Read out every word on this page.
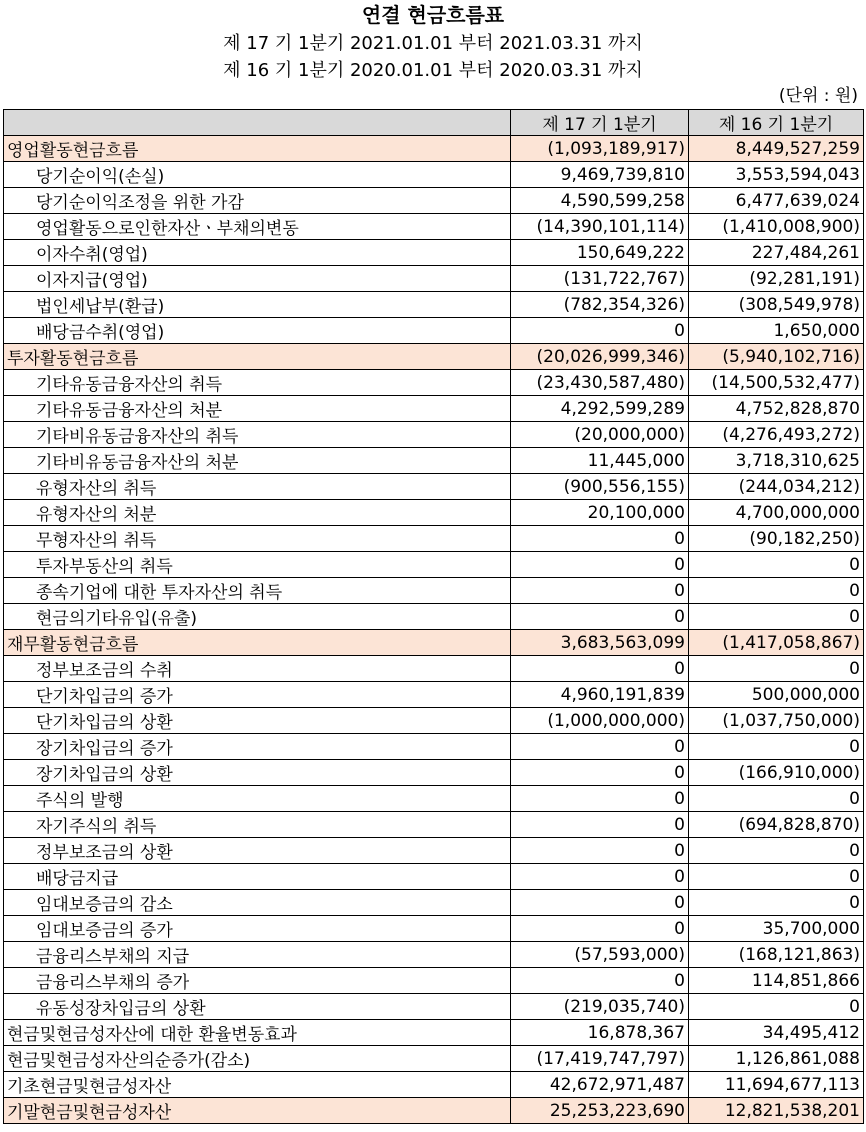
연결 현금흐름표
제 17 기 1분기 2021.01.01 부터 2021.03.31 까지
제 16 기 1분기 2020.01.01 부터 2020.03.31 까지
(단위 : 원)
	제 17 기 1분기	제 16 기 1분기
영업활동현금흐름	(1,093,189,917)	8,449,527,259
당기순이익(손실)	9,469,739,810	3,553,594,043
당기순이익조정을 위한 가감	4,590,599,258	6,477,639,024
영업활동으로인한자산ㆍ부채의변동	(14,390,101,114)	(1,410,008,900)
이자수취(영업)	150,649,222	227,484,261
이자지급(영업)	(131,722,767)	(92,281,191)
법인세납부(환급)	(782,354,326)	(308,549,978)
배당금수취(영업)	0	1,650,000
투자활동현금흐름	(20,026,999,346)	(5,940,102,716)
기타유동금융자산의 취득	(23,430,587,480)	(14,500,532,477)
기타유동금융자산의 처분	4,292,599,289	4,752,828,870
기타비유동금융자산의 취득	(20,000,000)	(4,276,493,272)
기타비유동금융자산의 처분	11,445,000	3,718,310,625
유형자산의 취득	(900,556,155)	(244,034,212)
유형자산의 처분	20,100,000	4,700,000,000
무형자산의 취득	0	(90,182,250)
투자부동산의 취득	0	0
종속기업에 대한 투자자산의 취득	0	0
현금의기타유입(유출)	0	0
재무활동현금흐름	3,683,563,099	(1,417,058,867)
정부보조금의 수취	0	0
단기차입금의 증가	4,960,191,839	500,000,000
단기차입금의 상환	(1,000,000,000)	(1,037,750,000)
장기차입금의 증가	0	0
장기차입금의 상환	0	(166,910,000)
주식의 발행	0	0
자기주식의 취득	0	(694,828,870)
정부보조금의 상환	0	0
배당금지급	0	0
임대보증금의 감소	0	0
임대보증금의 증가	0	35,700,000
금융리스부채의 지급	(57,593,000)	(168,121,863)
금융리스부채의 증가	0	114,851,866
유동성장차입금의 상환	(219,035,740)	0
현금및현금성자산에 대한 환율변동효과	16,878,367	34,495,412
현금및현금성자산의순증가(감소)	(17,419,747,797)	1,126,861,088
기초현금및현금성자산	42,672,971,487	11,694,677,113
기말현금및현금성자산	25,253,223,690	12,821,538,201
